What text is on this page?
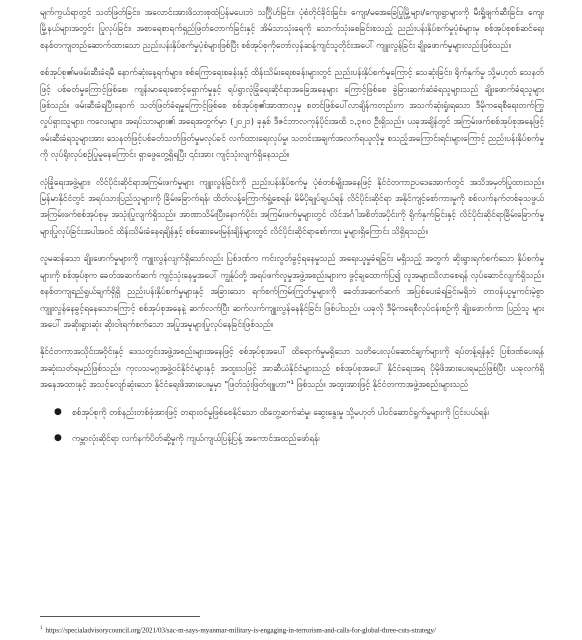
မျက်ကွယ်ရာတွင် သတ်ဖြတ်ခြင်း၊ အလောင်းအားဖိသားစုထံပြန်မပေးဘဲ သင်္ဂြိုဟ်ခြင်း၊ ပုံစံတိုင်ခိုင်းခြင်း၊ ကျေး/မအေခြေပြုမြို့များ/ကျေးရွာများကို မီးရှို့ဖျက်ဆီးခြင်း၊ ကျေးမြို့နယ်များအတွင်း ပြုလုပ်ခြင်း၊ အစာရေစာရက်ရှည်ဖြတ်တောက်ခြင်းနှင့် အိမ်သာသုံးရေကို သောက်သုံးစေခြင်းစသည့် ညည်းပန်းနှိပ်စက်မှုပုံစံများမှ စစ်အုပ်စုစစ်ဆင်ရေးစနစ်တကျတည်ဆောက်ထားသော ညည်းပန်းနှိပ်စက်မှုပုံစံများဖြစ်ပြီး စစ်အုပ်စုကိုတော်လှန်ဆန့်ကျင်သူတိုင်းအပေါ် ကျူးလွန်ခြင်း ချိုးဖောက်မှုများလည်းဖြစ်သည်။

စစ်အုပ်စု၏မဖမ်းဆီးခံရမီ နောက်ဆုံးနေ့ရက်များ၊ စစ်ကြောရေးစခန်းနှင့် ထိန်းသိမ်းရေးစခန်းများတွင် ညည်းပန်းနှိပ်စက်မှုကြောင့် သေဆုံးခြင်း၊ ရိုက်နှက်မှု သို့မဟုတ် သေနတ်ဖြင့် ပစ်ခတ်မှုကြောင့်ဖြစ်စေ၊ ကျန်းမာရေးစောင့်ရှောက်မှုနှင့် ရပ်ရွာလုံခြုံရေးဆိုင်ရာအခြေအနေများ ကြောင့်ဖြစ်စေ ခွဲခြားဆက်ဆံခံရသူများသည် ချိုးဖောက်ခံရသူများဖြစ်သည်။ ဖမ်းဆီးခံရပြီးနောက် သတ်ဖြတ်ခံရမှုကြောင့်ဖြစ်စေ စစ်အုပ်စု၏အာဏာလုမှု စတင်ဖြစ်ပေါ်လာချိန်ကတည်းက အသက်ဆုံးရှုံးရသော ဒီမိုကရေစီရေးတက်ကြွလှုပ်ရှားသူများ၊ ကလေးများ၊ အရပ်သားများ၏ အရေအတွက်မှာ (၂၀၂၁) ခုနှစ် ဒီဇင်ဘာလကုန်ပိုင်းအထိ ၁,၃၈၀ ဦးရှိသည်။ ယခုအချိန်တွင် အကြမ်းဖက်စစ်အုပ်စုအနေဖြင့် ဖမ်းဆီးခံရသူများအား သေနတ်ဖြင့်ပစ်ခတ်သတ်ဖြတ်မှုမလုပ်ခင် လက်ထားရေးလုပ်မှု၊ သတင်းအချက်အလက်ရယူလိုမှု စသည့်အကြောင်းရင်းများကြောင့် ညည်းပန်းနှိပ်စက်မှုကို လုပ်ရိုးလုပ်စဉ်ပြုမူနေကြောင်း ရှာဖွေတွေ့ရှိရပြီး ၎င်းအား ကျင့်သုံးလျက်ရှိနေသည်။

လုံခြုံရေးအဖွဲ့များ၊ လိင်ပိုင်းဆိုင်ရာအကြမ်းဖက်မှုများ ကျူးလွန်ခြင်းကို ညည်းပန်းနှိပ်စက်မှု ပုံစံတစ်မျိုးအနေဖြင့် နိုင်ငံတကာဥပဒေအောက်တွင် အသိအမှတ်ပြုထားသည်။ မြန်မာနိုင်ငံတွင် အရပ်သားပြည်သူများကို ခြိမ်းခြောက်ရန်၊ ထိတ်လန့်ကြောက်ရွံ့စေရန်၊ မိမိပိုချုပ်ချယ်ရန် လိင်ပိုင်းဆိုင်ရာ အနိုင်ကျင့်စော်ကားမှုကို စစ်လက်နက်တစ်ခုသဖွယ် အကြမ်းဖက်စစ်အုပ်စုမှ အသုံးပြုလျက်ရှိသည်။ အာဏာသိမ်းပြီးနောက်ပိုင်း အကြမ်းဖက်မှုများတွင် လိင်အင်္ဂါအစိတ်အပိုင်းကို ရိုက်နှက်ခြင်းနှင့် လိင်ပိုင်းဆိုင်ရာခြိမ်းခြောက်မှုများပြုလုပ်ခြင်းအပါအဝင် ထိန်းသိမ်းခံနေရချိန်နှင့် စစ်ဆေးမေးမြန်းချိန်များတွင် လိင်ပိုင်းဆိုင်ရာစော်ကား မှုများရှိကြောင်း သိရှိရသည်။

လူမဆန်သော ချိုးဖောက်မှုများကို ကျူးလွန်လျက်ရှိသော်လည်း ပြစ်ဒဏ်က ကင်းလွတ်ခွင့်ရနေမှုသည် အရေးယူမှုခံရခြင်း မရှိသည့် အတွက် ဆိုးရွားရက်စက်သော နှိပ်စက်မှုများကို စစ်အုပ်စုက ခေတ်အဆက်ဆက် ကျင့်သုံးနေမှုအပေါ် ကျွန်ုပ်တို့ အရပ်ဖက်လူမှုအဖွဲ့အစည်းများက ဖွင့်ချထောက်ပြ၍ လူအများသိလာစေရန် လုပ်ဆောင်လျက်ရှိသည်။ စနစ်တကျရည်ရွယ်ချက်ရှိရှိ ညည်းပန်းနှိပ်စက်မှုများနှင့် အခြားသော ရက်စက်ကြမ်းကြုတ်မှုများကို ခေတ်အဆက်ဆက် အပြစ်ပေးခံရခြင်းမရှိဘဲ တာဝန်ယူမှုကင်းမဲ့စွာ ကျူးလွန်နေခွင့်ရနေသောကြောင့် စစ်အုပ်စုအနေနဲ့ ဆက်လက်ပြီး ဆက်လက်ကျူးလွန်နေနိုင်ခြင်း ဖြစ်ပါသည်။ ယခုလို ဒီမိုကရေစီလုပ်ငန်းစဉ်ကို ချိုးဖောက်ကာ ပြည်သူ များအပေါ် အဆိုးရွားဆုံး ဆိုးဝါးရက်စက်သော အပြုအမူများပြုလုပ်နေခြင်းဖြစ်သည်။

နိုင်ငံတကာအသိုင်းအဝိုင်းနှင့် ဒေသတွင်းအဖွဲ့အစည်းများအနေဖြင့် စစ်အုပ်စုအပေါ် ထိရောက်မှုမရှိသော သတိပေးလုပ်ဆောင်ချက်များကို ရပ်တန့်ရန်နှင့် ပြစ်ဒဏ်ပေးရန် အဆုံးသတ်ရမည်ဖြစ်သည်။ ကုလသမဂ္ဂအဖွဲ့ဝင်နိုင်ငံများနှင့် အထူးသဖြင့် အာဆီယံနိုင်ငံများသည် စစ်အုပ်စုအပေါ် နိုင်ငံရေးအရ ပိုမိုဖိအားပေးရမည်ဖြစ်ပြီး ယခုလက်ရှိအနေအထားနှင့် အသင့်လျော်ဆုံးသော နိုင်ငံရေးဖိအားပေးမှုမှာ "ဖြတ်သုံးဖြတ်ဗျူဟာ"¹ ဖြစ်သည်။ အထူးအားဖြင့် နိုင်ငံတကာအဖွဲ့အစည်းများသည်

● စစ်အုပ်စုကို တစ်နည်းတစ်ဖုံအားဖြင့် တရားဝင်မှုဖြစ်စေနိုင်သော ထိတွေ့ဆက်ဆံမှု၊ ဆွေးနွေးမှု သို့မဟုတ် ပါဝင်ဆောင်ရွက်မှုများကို ငြင်းပယ်ရန်၊
● ကမ္ဘာလုံးဆိုင်ရာ လက်နက်ပိတ်ဆို့မှုကို ကျယ်ကျယ်ပြန့်ပြန့် အကောင်အထည်ဖော်ရန်၊
$^1$ https://specialadvisorycouncil.org/2021/03/sac-m-says-myanmar-military-is-engaging-in-terrorism-and-calls-for-global-three-cuts-strategy/
